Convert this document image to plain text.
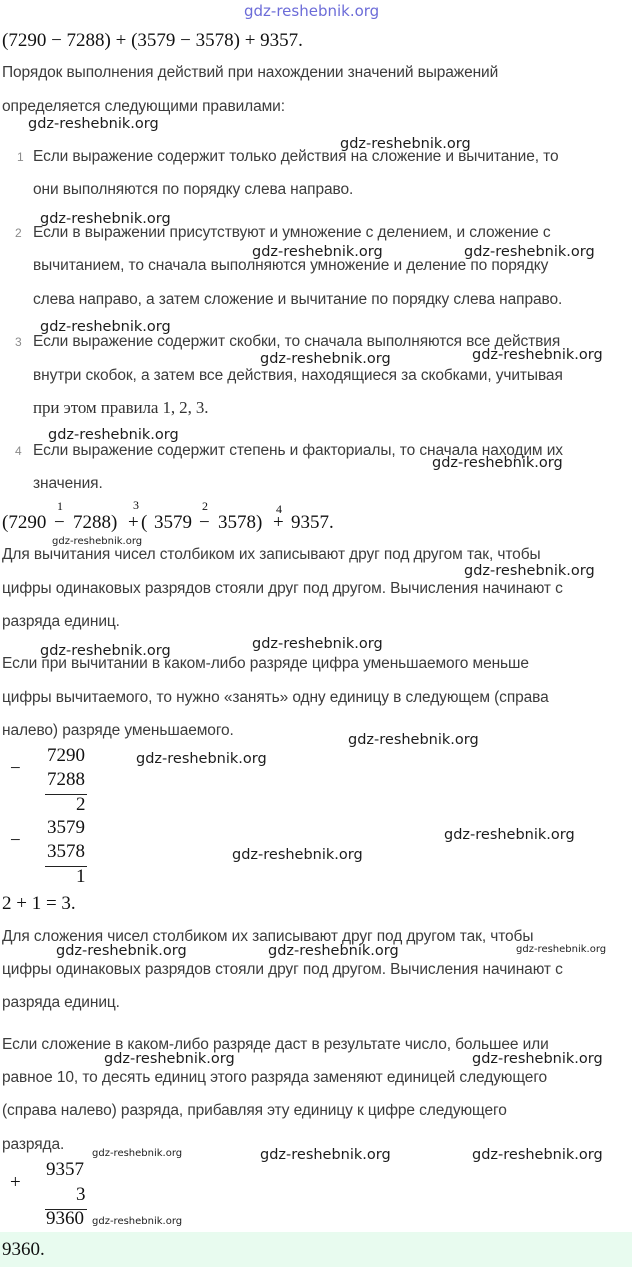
gdz-reshebnik.org
(7290 − 7288) + (3579 − 3578) + 9357.
Порядок выполнения действий при нахождении значений выражений
определяется следующими правилами:
1 Если выражение содержит только действия на сложение и вычитание, то
они выполняются по порядку слева направо.
2 Если в выражении присутствуют и умножение с делением, и сложение с
вычитанием, то сначала выполняются умножение и деление по порядку
слева направо, а затем сложение и вычитание по порядку слева направо.
3 Если выражение содержит скобки, то сначала выполняются все действия
внутри скобок, а затем все действия, находящиеся за скобками, учитывая
при этом правила 1, 2, 3.
4 Если выражение содержит степень и факториалы, то сначала находим их
значения.
(7290 −
1
7288) +
3
( 3579 −
2
3578) +
4
9357.
Для вычитания чисел столбиком их записывают друг под другом так, чтобы
цифры одинаковых разрядов стояли друг под другом. Вычисления начинают с
разряда единиц.
Если при вычитании в каком-либо разряде цифра уменьшаемого меньше
цифры вычитаемого, то нужно «занять» одну единицу в следующем (справа
налево) разряде уменьшаемого.
−
7290
7288
2
−
3579
3578
1
2 + 1 = 3.
Для сложения чисел столбиком их записывают друг под другом так, чтобы
цифры одинаковых разрядов стояли друг под другом. Вычисления начинают с
разряда единиц.
Если сложение в каком-либо разряде даст в результате число, большее или
равное 10, то десять единиц этого разряда заменяют единицей следующего
(справа налево) разряда, прибавляя эту единицу к цифре следующего
разряда.
+
9357
3
9360
9360.
gdz-reshebnik.org
gdz-reshebnik.org
gdz-reshebnik.org
gdz-reshebnik.org	gdz-reshebnik.org
gdz-reshebnik.org
gdz-reshebnik.org
gdz-reshebnik.org
gdz-reshebnik.org
gdz-reshebnik.org
gdz-reshebnik.org
gdz-reshebnik.org
gdz-reshebnik.org
gdz-reshebnik.org
gdz-reshebnik.org
gdz-reshebnik.org
gdz-reshebnik.org
gdz-reshebnik.org
gdz-reshebnik.org	gdz-reshebnik.org	gdz-reshebnik.org
gdz-reshebnik.org	gdz-reshebnik.org
gdz-reshebnik.org	gdz-reshebnik.org	gdz-reshebnik.org
gdz-reshebnik.org
